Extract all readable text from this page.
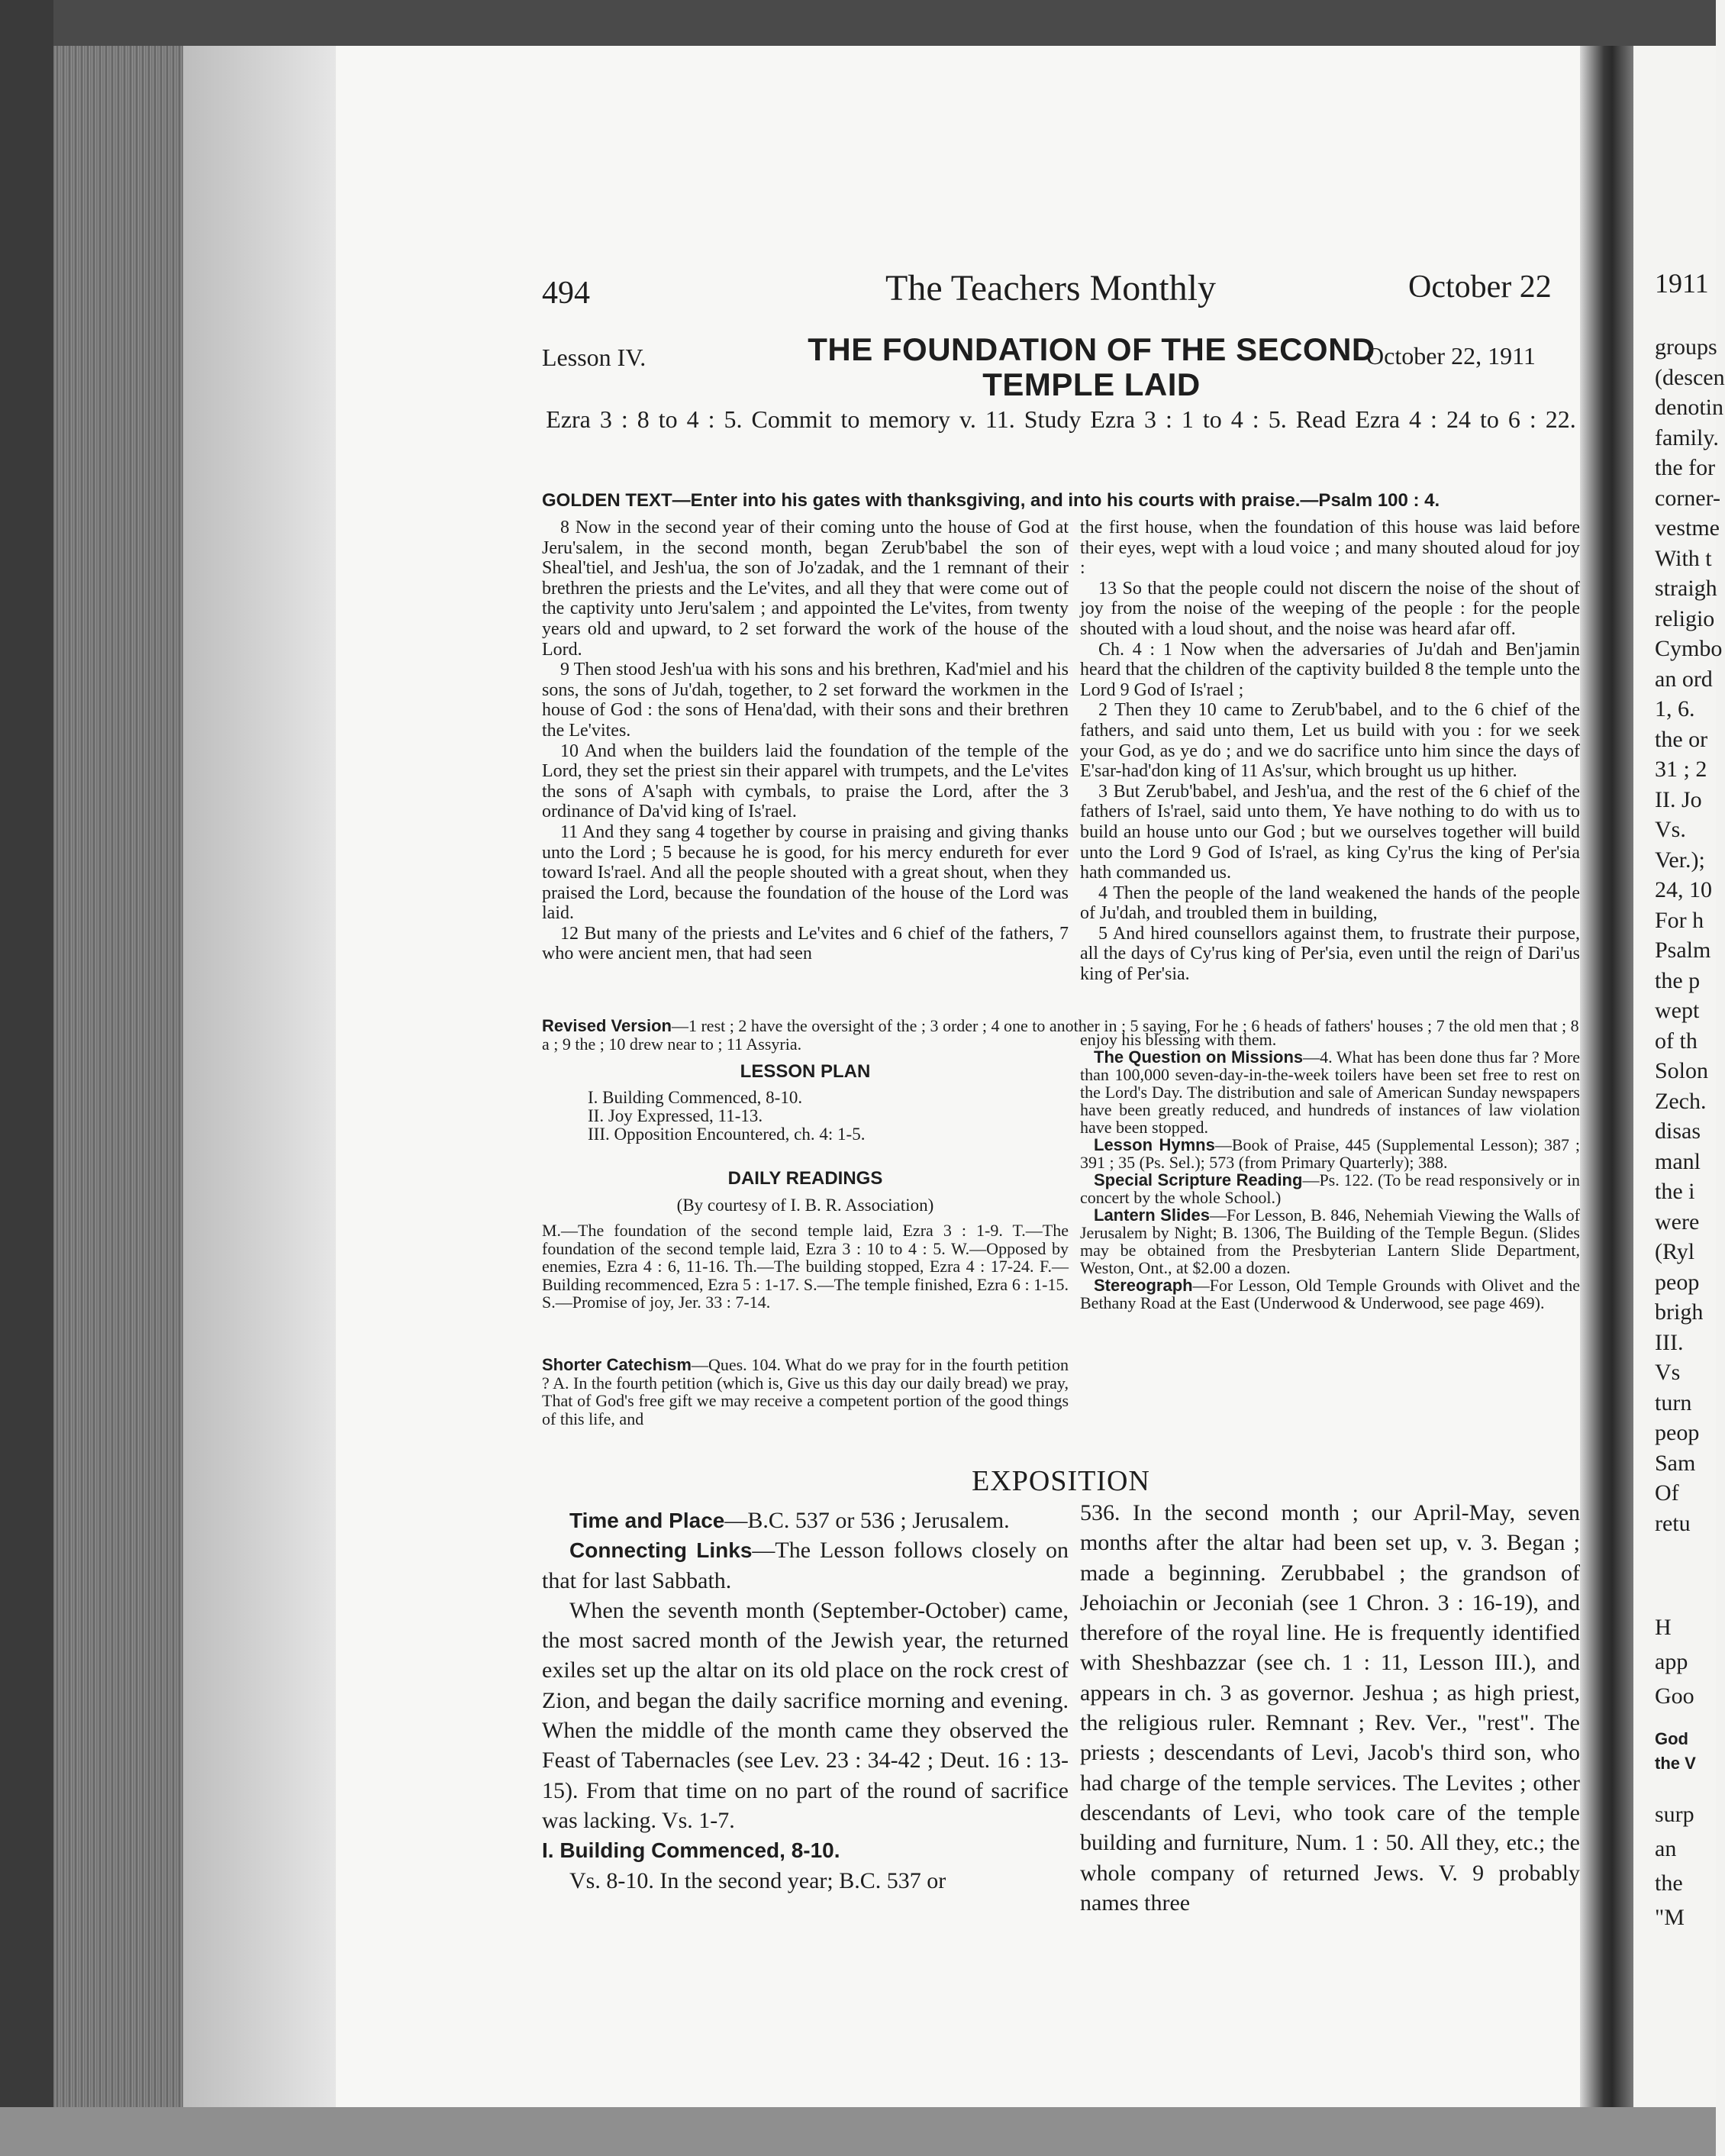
494	The Teachers Monthly	October 22
Lesson IV.	THE FOUNDATION OF THE SECOND TEMPLE LAID
October 22, 1911
Ezra 3 : 8 to 4 : 5. Commit to memory v. 11. Study Ezra 3 : 1 to 4 : 5. Read Ezra 4 : 24 to 6 : 22.
GOLDEN TEXT—Enter into his gates with thanksgiving, and into his courts with praise.—Psalm 100 : 4.

8 Now in the second year of their coming unto the house of God at Jeru'salem, in the second month, began Zerub'babel the son of Sheal'tiel, and Jesh'ua, the son of Jo'zadak, and the 1 remnant of their brethren the priests and the Le'vites, and all they that were come out of the captivity unto Jeru'salem ; and appointed the Le'vites, from twenty years old and upward, to 2 set forward the work of the house of the Lord.

9 Then stood Jesh'ua with his sons and his brethren, Kad'miel and his sons, the sons of Ju'dah, together, to 2 set forward the workmen in the house of God : the sons of Hena'dad, with their sons and their brethren the Le'vites.

10 And when the builders laid the foundation of the temple of the Lord, they set the priest sin their apparel with trumpets, and the Le'vites the sons of A'saph with cymbals, to praise the Lord, after the 3 ordinance of Da'vid king of Is'rael.

11 And they sang 4 together by course in praising and giving thanks unto the Lord ; 5 because he is good, for his mercy endureth for ever toward Is'rael. And all the people shouted with a great shout, when they praised the Lord, because the foundation of the house of the Lord was laid.

12 But many of the priests and Le'vites and 6 chief of the fathers, 7 who were ancient men, that had seen

the first house, when the foundation of this house was laid before their eyes, wept with a loud voice ; and many shouted aloud for joy :

13 So that the people could not discern the noise of the shout of joy from the noise of the weeping of the people : for the people shouted with a loud shout, and the noise was heard afar off.

Ch. 4 : 1 Now when the adversaries of Ju'dah and Ben'jamin heard that the children of the captivity builded 8 the temple unto the Lord 9 God of Is'rael ;

2 Then they 10 came to Zerub'babel, and to the 6 chief of the fathers, and said unto them, Let us build with you : for we seek your God, as ye do ; and we do sacrifice unto him since the days of E'sar-had'don king of 11 As'sur, which brought us up hither.

3 But Zerub'babel, and Jesh'ua, and the rest of the 6 chief of the fathers of Is'rael, said unto them, Ye have nothing to do with us to build an house unto our God ; but we ourselves together will build unto the Lord 9 God of Is'rael, as king Cy'rus the king of Per'sia hath commanded us.

4 Then the people of the land weakened the hands of the people of Ju'dah, and troubled them in building,

5 And hired counsellors against them, to frustrate their purpose, all the days of Cy'rus king of Per'sia, even until the reign of Dari'us king of Per'sia.

Revised Version—1 rest ; 2 have the oversight of the ; 3 order ; 4 one to another in ; 5 saying, For he ; 6 heads of fathers' houses ; 7 the old men that ; 8 a ; 9 the ; 10 drew near to ; 11 Assyria.
LESSON PLAN
I. Building Commenced, 8-10.
II. Joy Expressed, 11-13.
III. Opposition Encountered, ch. 4: 1-5.
DAILY READINGS
(By courtesy of I. B. R. Association)
M.—The foundation of the second temple laid, Ezra 3 : 1-9. T.—The foundation of the second temple laid, Ezra 3 : 10 to 4 : 5. W.—Opposed by enemies, Ezra 4 : 6, 11-16. Th.—The building stopped, Ezra 4 : 17-24. F.—Building recommenced, Ezra 5 : 1-17. S.—The temple finished, Ezra 6 : 1-15. S.—Promise of joy, Jer. 33 : 7-14.
Shorter Catechism—Ques. 104. What do we pray for in the fourth petition ? A. In the fourth petition (which is, Give us this day our daily bread) we pray, That of God's free gift we may receive a competent portion of the good things of this life, and

enjoy his blessing with them.

The Question on Missions—4. What has been done thus far ? More than 100,000 seven-day-in-the-week toilers have been set free to rest on the Lord's Day. The distribution and sale of American Sunday newspapers have been greatly reduced, and hundreds of instances of law violation have been stopped.

Lesson Hymns—Book of Praise, 445 (Supplemental Lesson); 387 ; 391 ; 35 (Ps. Sel.); 573 (from Primary Quarterly); 388.

Special Scripture Reading—Ps. 122. (To be read responsively or in concert by the whole School.)

Lantern Slides—For Lesson, B. 846, Nehemiah Viewing the Walls of Jerusalem by Night; B. 1306, The Building of the Temple Begun. (Slides may be obtained from the Presbyterian Lantern Slide Department, Weston, Ont., at $2.00 a dozen.

Stereograph—For Lesson, Old Temple Grounds with Olivet and the Bethany Road at the East (Underwood & Underwood, see page 469).

EXPOSITION

Time and Place—B.C. 537 or 536 ; Jerusalem.

Connecting Links—The Lesson follows closely on that for last Sabbath.

When the seventh month (September-October) came, the most sacred month of the Jewish year, the returned exiles set up the altar on its old place on the rock crest of Zion, and began the daily sacrifice morning and evening. When the middle of the month came they observed the Feast of Tabernacles (see Lev. 23 : 34-42 ; Deut. 16 : 13-15). From that time on no part of the round of sacrifice was lacking. Vs. 1-7.

I. Building Commenced, 8-10.

Vs. 8-10. In the second year; B.C. 537 or

536. In the second month ; our April-May, seven months after the altar had been set up, v. 3. Began ; made a beginning. Zerubbabel ; the grandson of Jehoiachin or Jeconiah (see 1 Chron. 3 : 16-19), and therefore of the royal line. He is frequently identified with Sheshbazzar (see ch. 1 : 11, Lesson III.), and appears in ch. 3 as governor. Jeshua ; as high priest, the religious ruler. Remnant ; Rev. Ver., "rest". The priests ; descendants of Levi, Jacob's third son, who had charge of the temple services. The Levites ; other descendants of Levi, who took care of the temple building and furniture, Num. 1 : 50. All they, etc.; the whole company of returned Jews. V. 9 probably names three

1911
groups
(descen
denotin
family.
the for
corner-
vestme
With t
straigh
religio
Cymbo
an ord
1, 6.
the or
31 ; 2
II. Jo
Vs.
Ver.);
24, 10
For h
Psalm
the p
wept
of th
Solon
Zech.
disas
manl
the i
were
(Ryl
peop
brigh
III.
Vs
turn
peop
Sam
Of
retu
H
app
Goo
surp
an
the
"M
God
the V
